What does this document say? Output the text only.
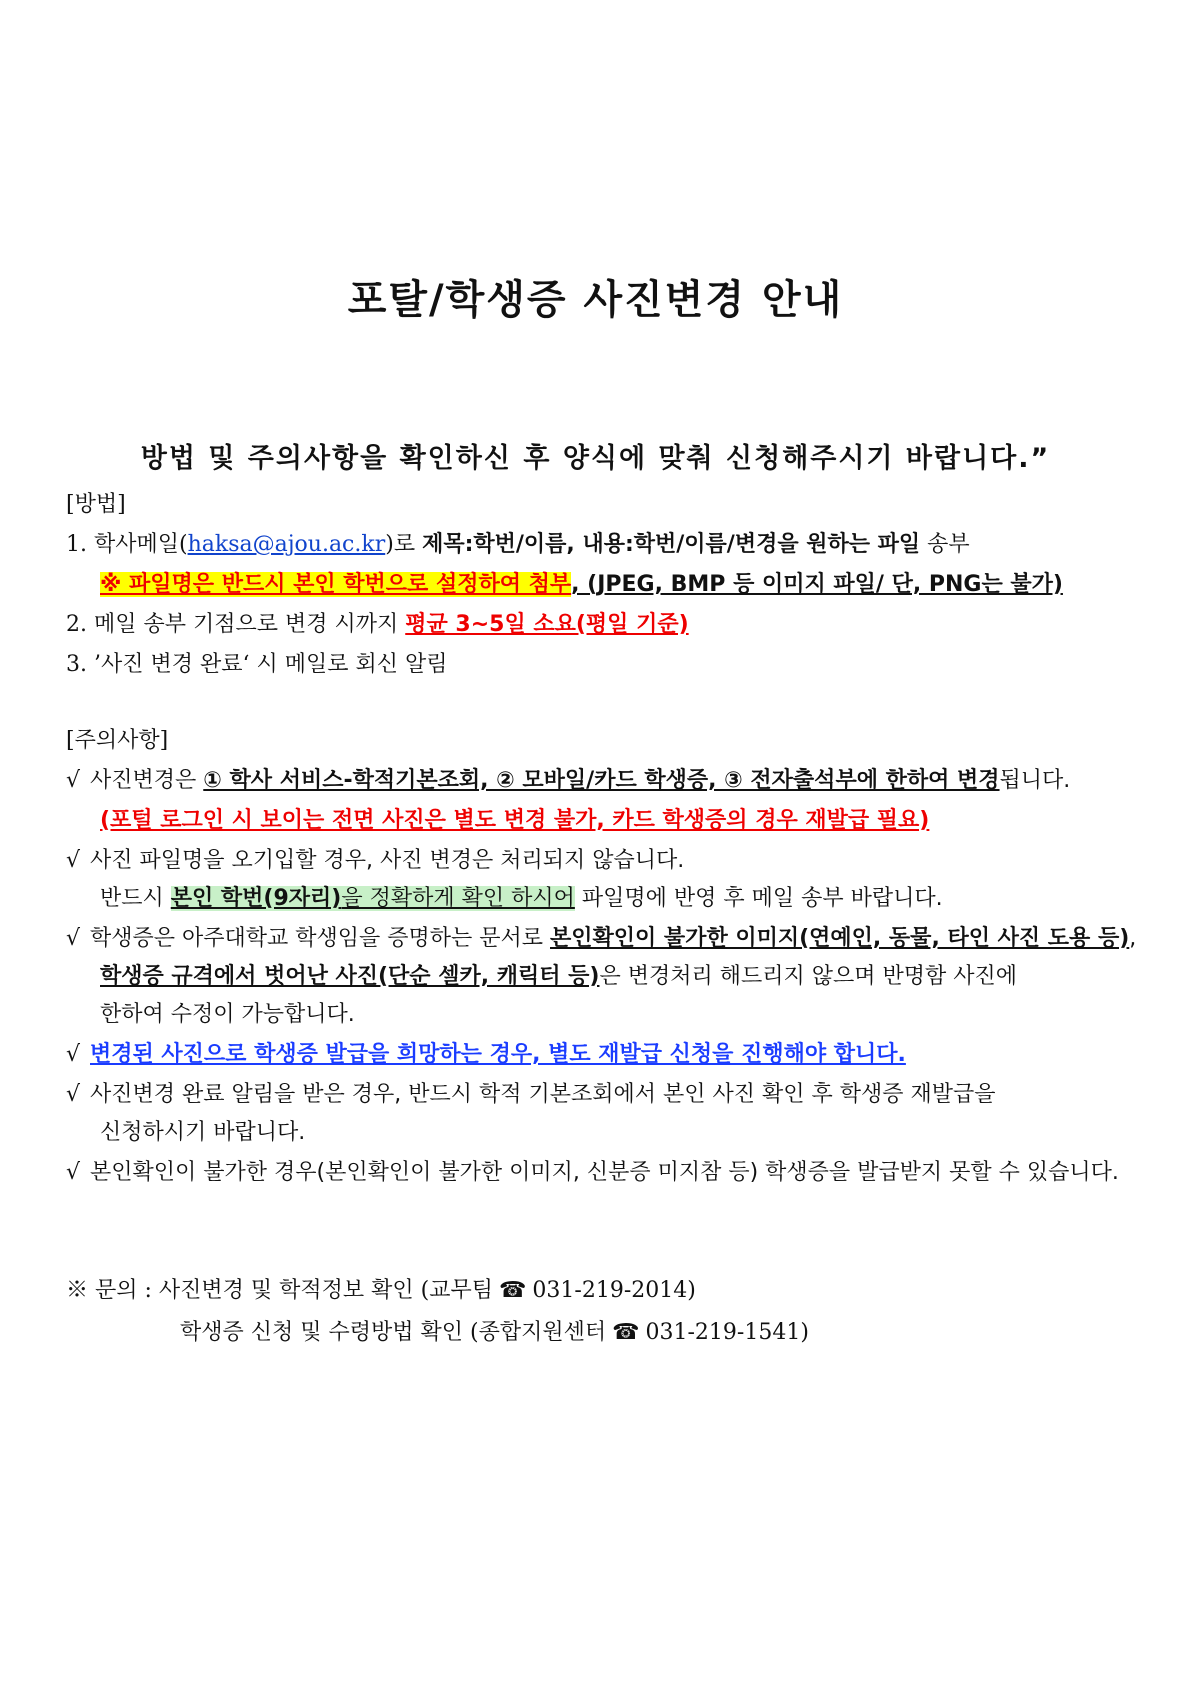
포탈/학생증 사진변경 안내
방법 및 주의사항을 확인하신 후 양식에 맞춰 신청해주시기 바랍니다.”
[방법]
1. 학사메일(haksa@ajou.ac.kr)로 제목:학번/이름, 내용:학번/이름/변경을 원하는 파일 송부
※ 파일명은 반드시 본인 학번으로 설정하여 첨부, (JPEG, BMP 등 이미지 파일/ 단, PNG는 불가)
2. 메일 송부 기점으로 변경 시까지 평균 3~5일 소요(평일 기준)
3. ’사진 변경 완료‘ 시 메일로 회신 알림
[주의사항]
√ 사진변경은 ① 학사 서비스-학적기본조회, ② 모바일/카드 학생증, ③ 전자출석부에 한하여 변경됩니다.
(포털 로그인 시 보이는 전면 사진은 별도 변경 불가, 카드 학생증의 경우 재발급 필요)
√ 사진 파일명을 오기입할 경우, 사진 변경은 처리되지 않습니다.
반드시 본인 학번(9자리)을 정확하게 확인 하시어 파일명에 반영 후 메일 송부 바랍니다.
√ 학생증은 아주대학교 학생임을 증명하는 문서로 본인확인이 불가한 이미지(연예인, 동물, 타인 사진 도용 등),
학생증 규격에서 벗어난 사진(단순 셀카, 캐릭터 등)은 변경처리 해드리지 않으며 반명함 사진에
한하여 수정이 가능합니다.
√ 변경된 사진으로 학생증 발급을 희망하는 경우, 별도 재발급 신청을 진행해야 합니다.
√ 사진변경 완료 알림을 받은 경우, 반드시 학적 기본조회에서 본인 사진 확인 후 학생증 재발급을
신청하시기 바랍니다.
√ 본인확인이 불가한 경우(본인확인이 불가한 이미지, 신분증 미지참 등) 학생증을 발급받지 못할 수 있습니다.
※ 문의 : 사진변경 및 학적정보 확인 (교무팀 ☎ 031-219-2014)
학생증 신청 및 수령방법 확인 (종합지원센터 ☎ 031-219-1541)
